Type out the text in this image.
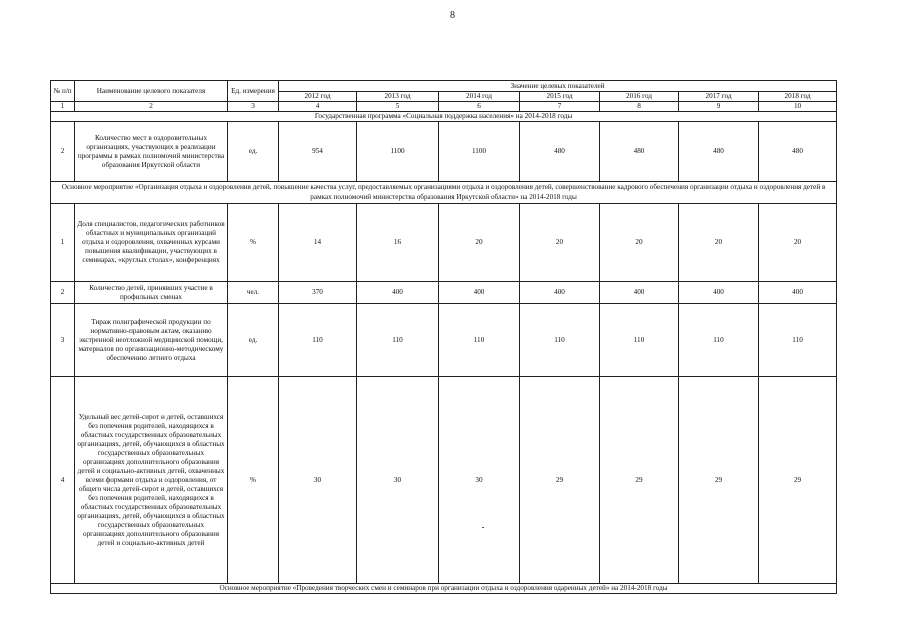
8
№ п/п	Наименование целевого показателя	Ед. измерения	Значение целевых показателей						
			2012 год	2013 год	2014 год	2015 год	2016 год	2017 год	2018 год
1	2	3	4	5	6	7	8	9	10
Государственная программа «Социальная поддержка населения» на 2014-2018 годы									
2	Количество мест в оздоровительных организациях, участвующих в реализации программы в рамках полномочий министерства образования Иркутской области	ед.	954	1100	1100	480	480	480	480
Основное мероприятие «Организация отдыха и оздоровления детей, повышение качества услуг, предоставляемых организациями отдыха и оздоровления детей, совершенствование кадрового обеспечения организации отдыха и оздоровления детей в рамках полномочий министерства образования Иркутской области» на 2014-2018 годы									
1	Доля специалистов, педагогических работников областных и муниципальных организаций отдыха и оздоровления, охваченных курсами повышения квалификации, участвующих в семинарах, «круглых столах», конференциях	%	14	16	20	20	20	20	20
2	Количество детей, принявших участие в профильных сменах	чел.	370	400	400	400	400	400	400
3	Тираж полиграфической продукции по нормативно-правовым актам, оказанию экстренной неотложной медицинской помощи, материалов по организационно-методическому обеспечению летнего отдыха	ед.	110	110	110	110	110	110	110
4	Удельный вес детей-сирот и детей, оставшихся без попечения родителей, находящихся в областных государственных образовательных организациях, детей, обучающихся в областных государственных образовательных организациях дополнительного образования детей и социально-активных детей, охваченных всеми формами отдыха и оздоровления, от общего числа детей-сирот и детей, оставшихся без попечения родителей, находящихся в областных государственных образовательных организациях, детей, обучающихся в областных государственных образовательных организациях дополнительного образования детей и социально-активных детей	%	30	30	30	29	29	29	29
Основное мероприятие «Проведения творческих смен и семинаров при организации отдыха и оздоровления одаренных детей» на 2014-2018 годы									
